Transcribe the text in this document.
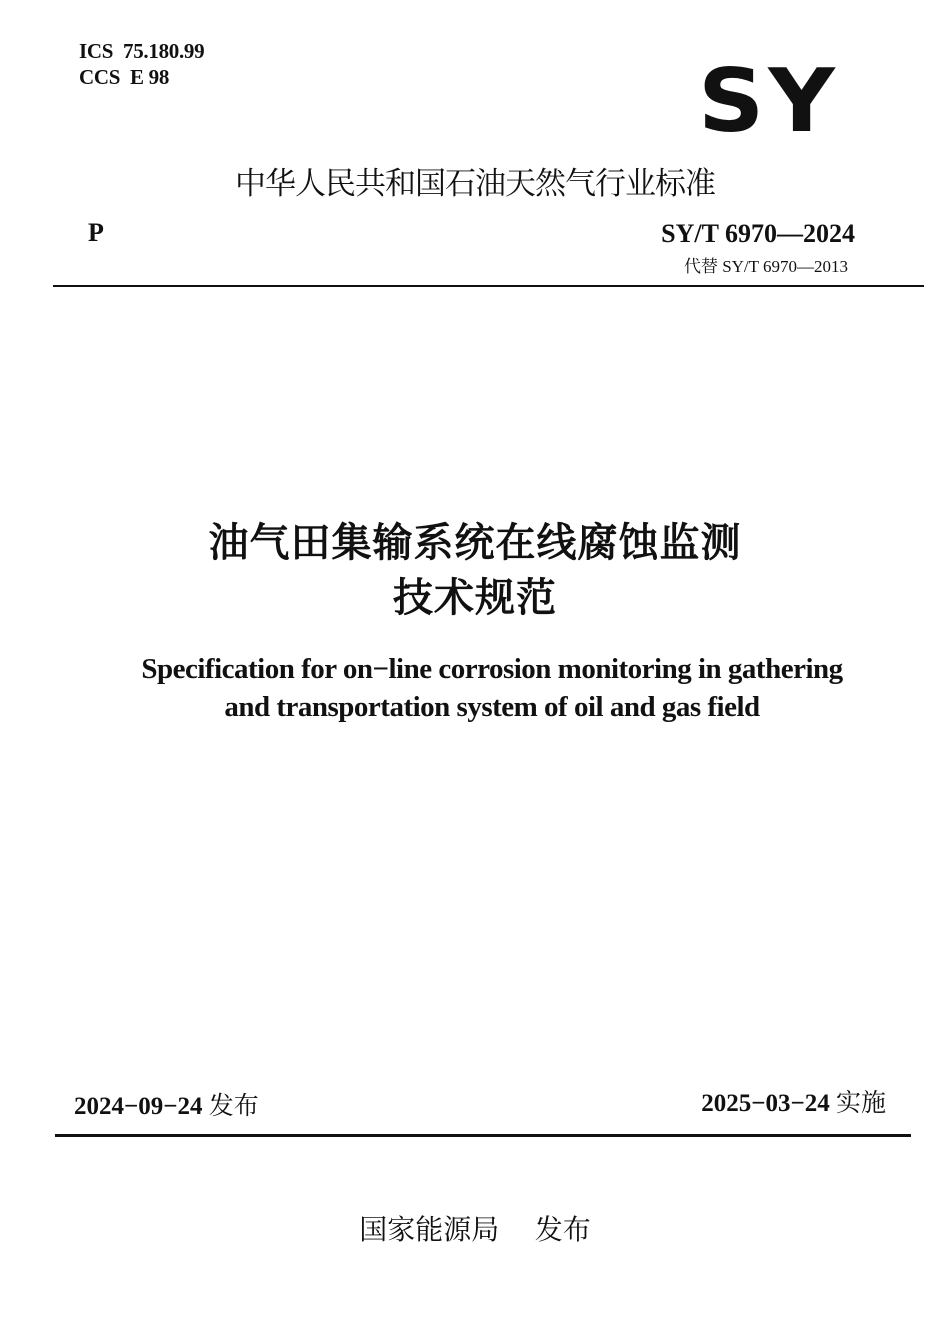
ICS  75.180.99
CCS  E 98	SY
中华人民共和国石油天然气行业标准
P	SY/T 6970—2024
代替 SY/T 6970—2013
油气田集输系统在线腐蚀监测
技术规范
Specification for on−line corrosion monitoring in gathering
and transportation system of oil and gas field
2024−09−24 发布	2025−03−24 实施
国家能源局    发布
